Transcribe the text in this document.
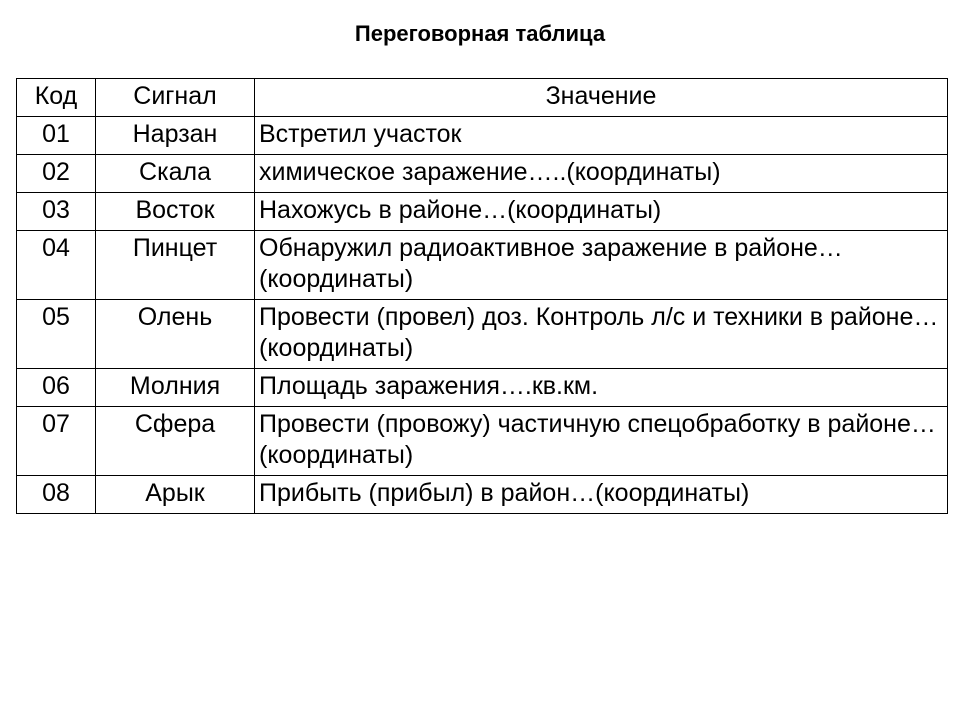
Переговорная таблица
Код	Сигнал	Значение
01	Нарзан	Встретил участок
02	Скала	химическое заражение…..(координаты)
03	Восток	Нахожусь в районе…(координаты)
04	Пинцет	Обнаружил радиоактивное заражение в районе…(координаты)
05	Олень	Провести (провел) доз. Контроль л/с и техники в районе…(координаты)
06	Молния	Площадь заражения….кв.км.
07	Сфера	Провести (провожу) частичную спецобработку в районе…(координаты)
08	Арык	Прибыть (прибыл) в район…(координаты)
